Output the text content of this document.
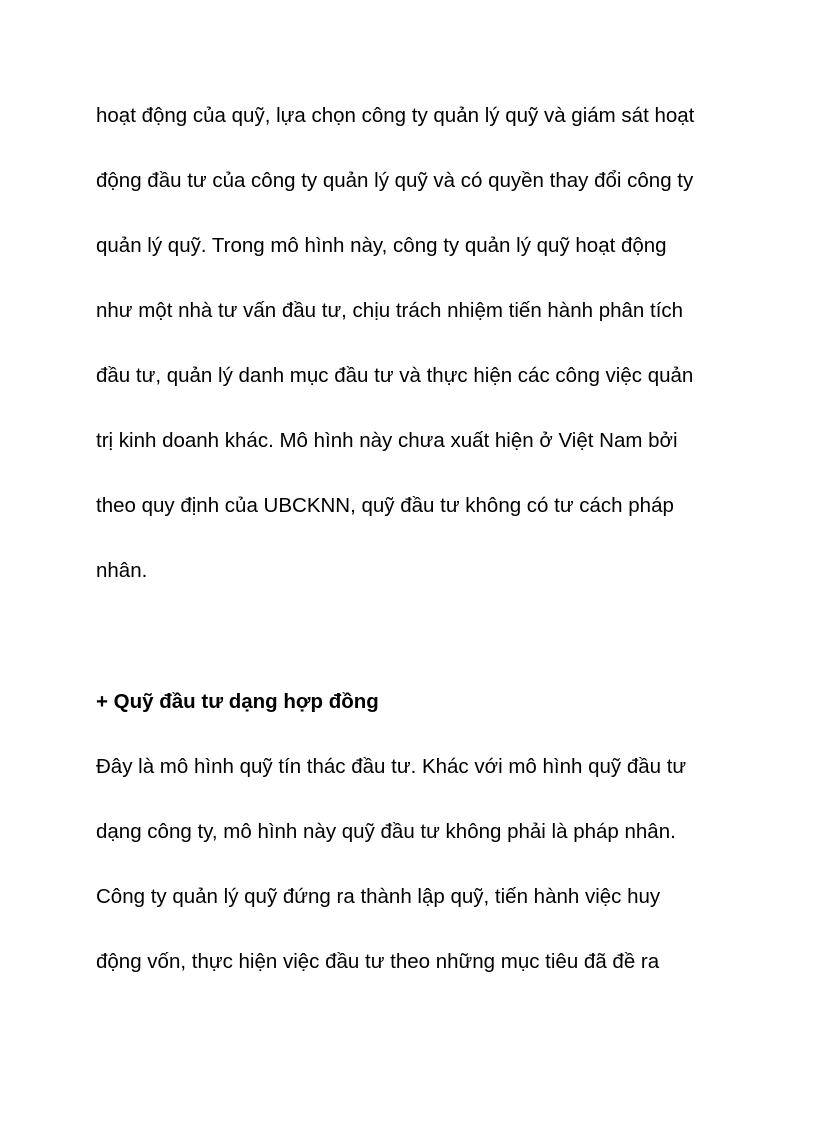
hoạt động của quỹ, lựa chọn công ty quản lý quỹ và giám sát hoạt

động đầu tư của công ty quản lý quỹ và có quyền thay đổi công ty

quản lý quỹ. Trong mô hình này, công ty quản lý quỹ hoạt động

như một nhà tư vấn đầu tư, chịu trách nhiệm tiến hành phân tích

đầu tư, quản lý danh mục đầu tư và thực hiện các công việc quản

trị kinh doanh khác. Mô hình này chưa xuất hiện ở Việt Nam bởi

theo quy định của UBCKNN, quỹ đầu tư không có tư cách pháp

nhân.

+ Quỹ đầu tư dạng hợp đồng

Đây là mô hình quỹ tín thác đầu tư. Khác với mô hình quỹ đầu tư

dạng công ty, mô hình này quỹ đầu tư không phải là pháp nhân.

Công ty quản lý quỹ đứng ra thành lập quỹ, tiến hành việc huy

động vốn, thực hiện việc đầu tư theo những mục tiêu đã đề ra
